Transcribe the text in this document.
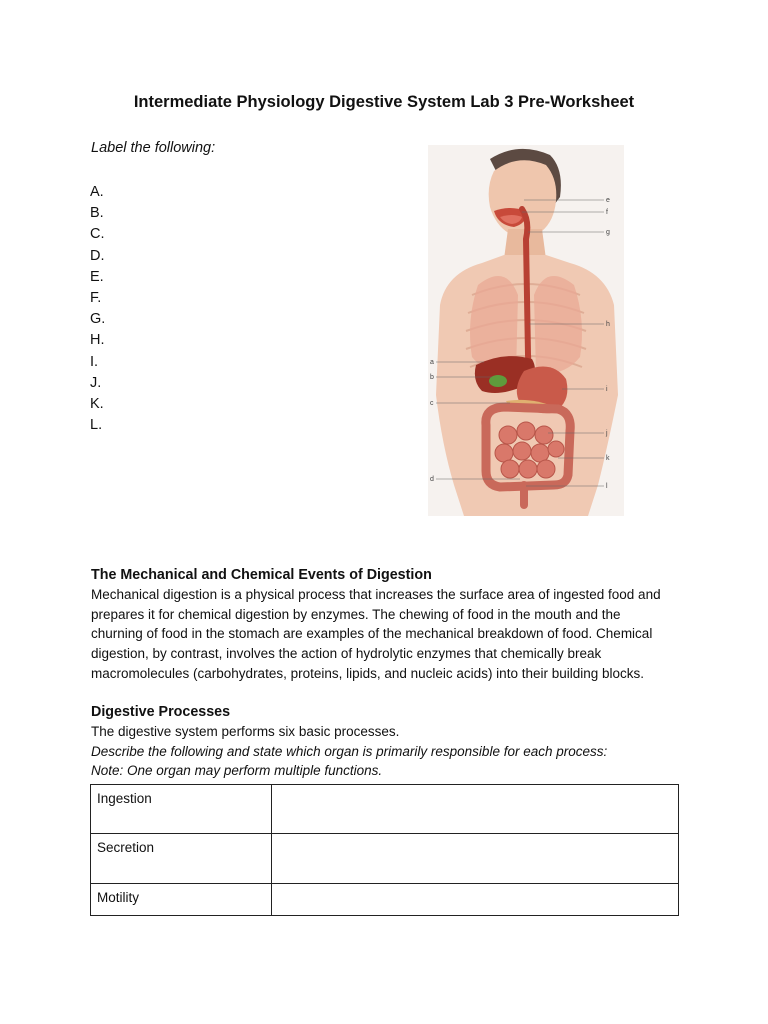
Intermediate Physiology Digestive System Lab 3 Pre-Worksheet
Label the following:
A.
B.
C.
D.
E.
F.
G.
H.
I.
J.
K.
L.
e
f
g
h
a
b
i
c
j
k
d
l
The Mechanical and Chemical Events of Digestion

Mechanical digestion is a physical process that increases the surface area of ingested food and

prepares it for chemical digestion by enzymes. The chewing of food in the mouth and the

churning of food in the stomach are examples of the mechanical breakdown of food. Chemical

digestion, by contrast, involves the action of hydrolytic enzymes that chemically break

macromolecules (carbohydrates, proteins, lipids, and nucleic acids) into their building blocks.

Digestive Processes

The digestive system performs six basic processes.

Describe the following and state which organ is primarily responsible for each process:

Note: One organ may perform multiple functions.

Ingestion	
Secretion	
Motility	
